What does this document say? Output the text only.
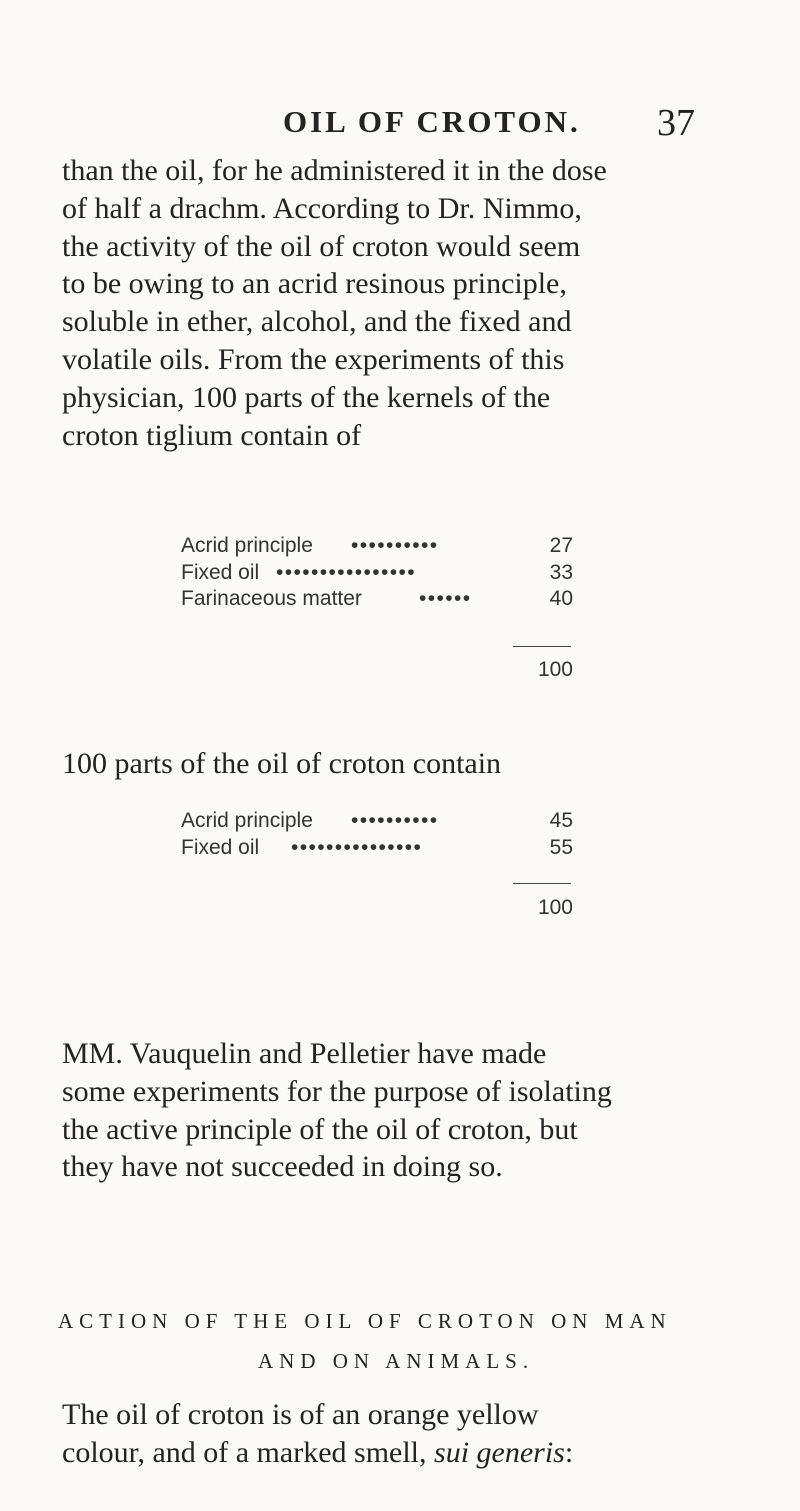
OIL OF CROTON. 37
than the oil, for he administered it in the dose
of half a drachm. According to Dr. Nimmo,
the activity of the oil of croton would seem
to be owing to an acrid resinous principle,
soluble in ether, alcohol, and the fixed and
volatile oils. From the experiments of this
physician, 100 parts of the kernels of the
croton tiglium contain of
Acrid principle ••••••••••	27
Fixed oil ••••••••••••••••	33
Farinaceous matter	••••••	40
100
100 parts of the oil of croton contain
Acrid principle ••••••••••	45
Fixed oil •••••••••••••••	55
100
MM. Vauquelin and Pelletier have made
some experiments for the purpose of isolating
the active principle of the oil of croton, but
they have not succeeded in doing so.
ACTION OF THE OIL OF CROTON ON MAN
AND ON ANIMALS.
The oil of croton is of an orange yellow
colour, and of a marked smell, sui generis:
